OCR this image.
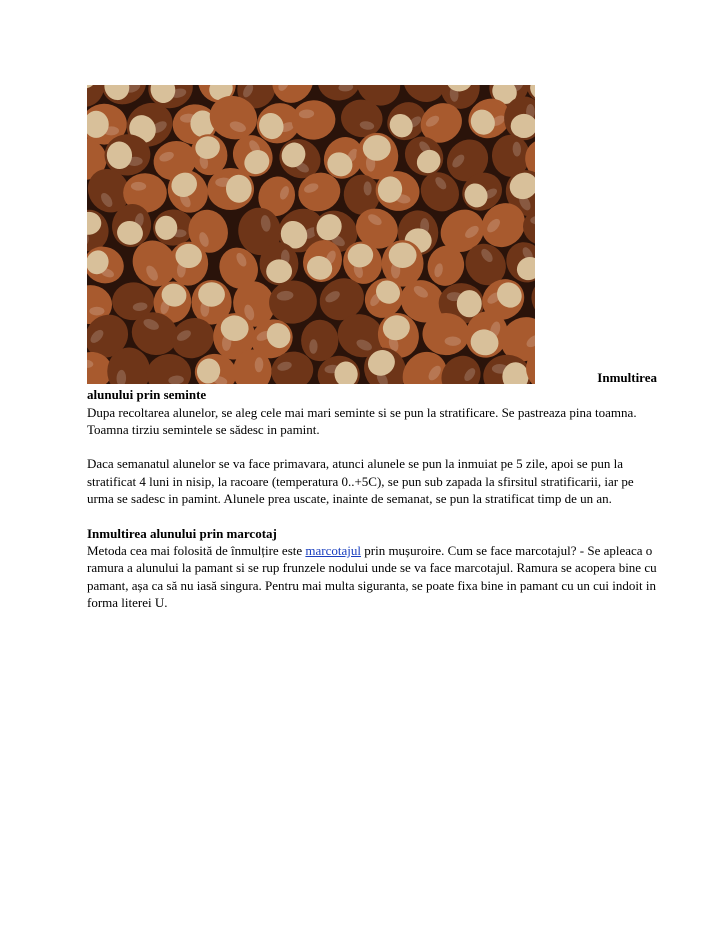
Inmultirea
alunului prin seminte

Dupa recoltarea alunelor, se aleg cele mai mari seminte si se pun la stratificare. Se pastreaza pina toamna. Toamna tirziu semintele se sădesc in pamint.

Daca semanatul alunelor se va face primavara, atunci alunele se pun la inmuiat pe 5 zile, apoi se pun la stratificat 4 luni in nisip, la racoare (temperatura 0..+5C), se pun sub zapada la sfirsitul stratificarii, iar pe urma se sadesc in pamint. Alunele prea uscate, inainte de semanat, se pun la stratificat timp de un an.

Inmultirea alunului prin marcotaj

Metoda cea mai folosită de înmulțire este marcotajul prin mușuroire. Cum se face marcotajul? - Se apleaca o ramura a alunului la pamant si se rup frunzele nodului unde se va face marcotajul. Ramura se acopera bine cu pamant, așa ca să nu iasă singura. Pentru mai multa siguranta, se poate fixa bine in pamant cu un cui indoit in forma literei U.
